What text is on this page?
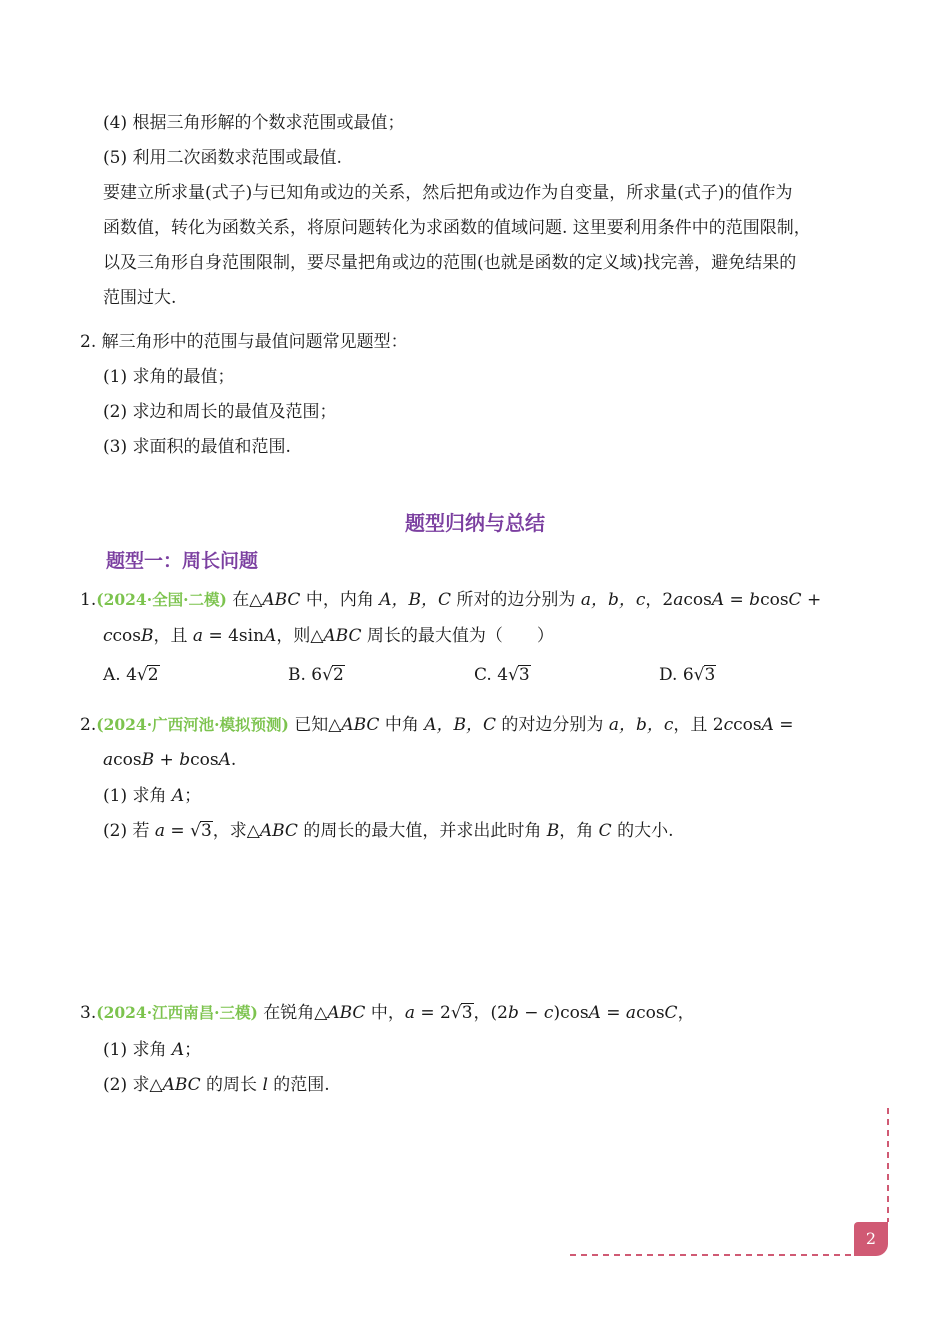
(4) 根据三角形解的个数求范围或最值；
(5) 利用二次函数求范围或最值.
要建立所求量(式子)与已知角或边的关系，然后把角或边作为自变量，所求量(式子)的值作为
函数值，转化为函数关系，将原问题转化为求函数的值域问题. 这里要利用条件中的范围限制，
以及三角形自身范围限制，要尽量把角或边的范围(也就是函数的定义域)找完善，避免结果的
范围过大.
2. 解三角形中的范围与最值问题常见题型：
(1) 求角的最值；
(2) 求边和周长的最值及范围；
(3) 求面积的最值和范围.
题型归纳与总结
题型一：周长问题
1.(2024·全国·二模) 在△ABC 中，内角 A，B，C 所对的边分别为 a，b，c，2acosA = bcosC +
ccosB，且 a = 4sinA，则△ABC 周长的最大值为（　　）
A. 4√2	B. 6√2	C. 4√3	D. 6√3
2.(2024·广西河池·模拟预测) 已知△ABC 中角 A，B，C 的对边分别为 a，b，c，且 2ccosA =
acosB + bcosA.
(1) 求角 A；
(2) 若 a = √3，求△ABC 的周长的最大值，并求出此时角 B，角 C 的大小.
3.(2024·江西南昌·三模) 在锐角△ABC 中，a = 2√3，(2b − c)cosA = acosC，
(1) 求角 A；
(2) 求△ABC 的周长 l 的范围.
2
